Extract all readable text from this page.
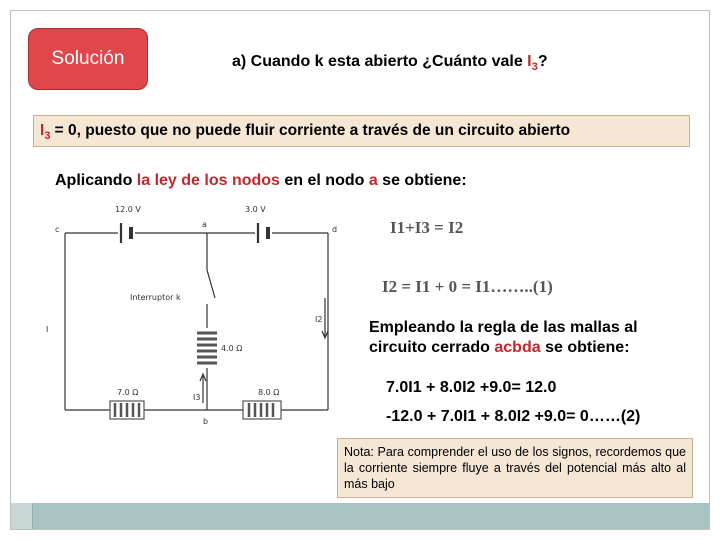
Solución	a) Cuando k esta abierto ¿Cuánto vale $I_3$?
$I_3 = 0$, puesto que no puede fluir corriente a través de un circuito abierto
Aplicando la ley de los nodos en el nodo a se obtiene:
12.0 V	3.0 V
a
c	d
Interruptor k
I
I2
4.0 Ω
I3
7.0 Ω	8.0 Ω
b
I1+I3 = I2
I2 = I1 + 0 = I1……..(1)
Empleando la regla de las mallas al circuito cerrado acbda se obtiene:
7.0I1 + 8.0I2 +9.0= 12.0
-12.0 + 7.0I1 + 8.0I2 +9.0= 0……(2)
Nota: Para comprender el uso de los signos, recordemos que la corriente siempre fluye a través del potencial más alto al más bajo
